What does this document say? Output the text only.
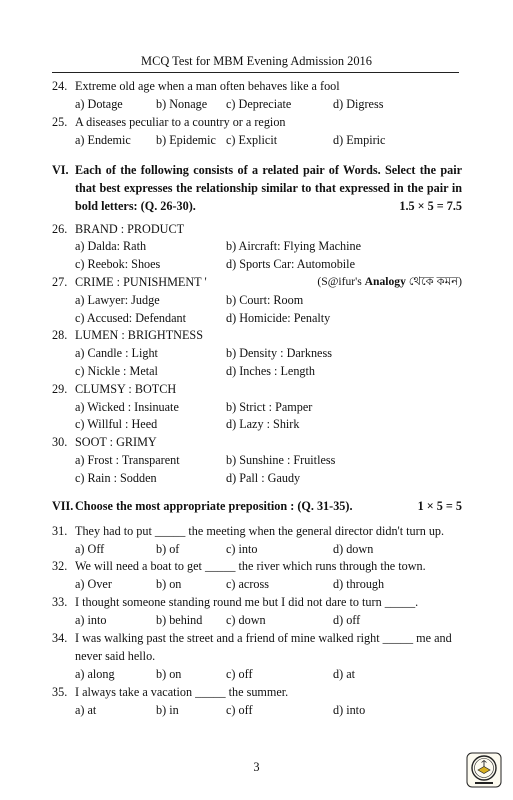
MCQ Test for MBM Evening Admission 2016
24. Extreme old age when a man often behaves like a fool
a) Dotage	b) Nonage c) Depreciate	d) Digress
25. A diseases peculiar to a country or a region
a) Endemic b) Epidemic c) Explicit	d) Empiric
VI. Each of the following consists of a related pair of Words. Select the pair that best expresses the relationship similar to that expressed in the pair in bold letters: (Q. 26-30).	1.5 × 5 = 7.5
26. BRAND : PRODUCT
a) Dalda: Rath	b) Aircraft: Flying Machine
c) Reebok: Shoes	d) Sports Car: Automobile
27. CRIME : PUNISHMENT '	(S@ifur's Analogy থেকে কমন)
a) Lawyer: Judge	b) Court: Room
c) Accused: Defendant	d) Homicide: Penalty
28. LUMEN : BRIGHTNESS
a) Candle : Light	b) Density : Darkness
c) Nickle : Metal	d) Inches : Length
29. CLUMSY : BOTCH
a) Wicked : Insinuate	b) Strict : Pamper
c) Willful : Heed	d) Lazy : Shirk
30. SOOT : GRIMY
a) Frost : Transparent	b) Sunshine : Fruitless
c) Rain : Sodden	d) Pall : Gaudy
VII. Choose the most appropriate preposition : (Q. 31-35).	1 × 5 = 5
31. They had to put _____ the meeting when the general director didn't turn up.
a) Off	b) of	c) into	d) down
32. We will need a boat to get _____ the river which runs through the town.
a) Over	b) on	c) across	d) through
33. I thought someone standing round me but I did not dare to turn _____.
a) into	b) behind c) down	d) off
34. I was walking past the street and a friend of mine walked right _____ me and
never said hello.
a) along	b) on	c) off	d) at
35. I always take a vacation _____ the summer.
a) at	b) in	c) off	d) into
3
